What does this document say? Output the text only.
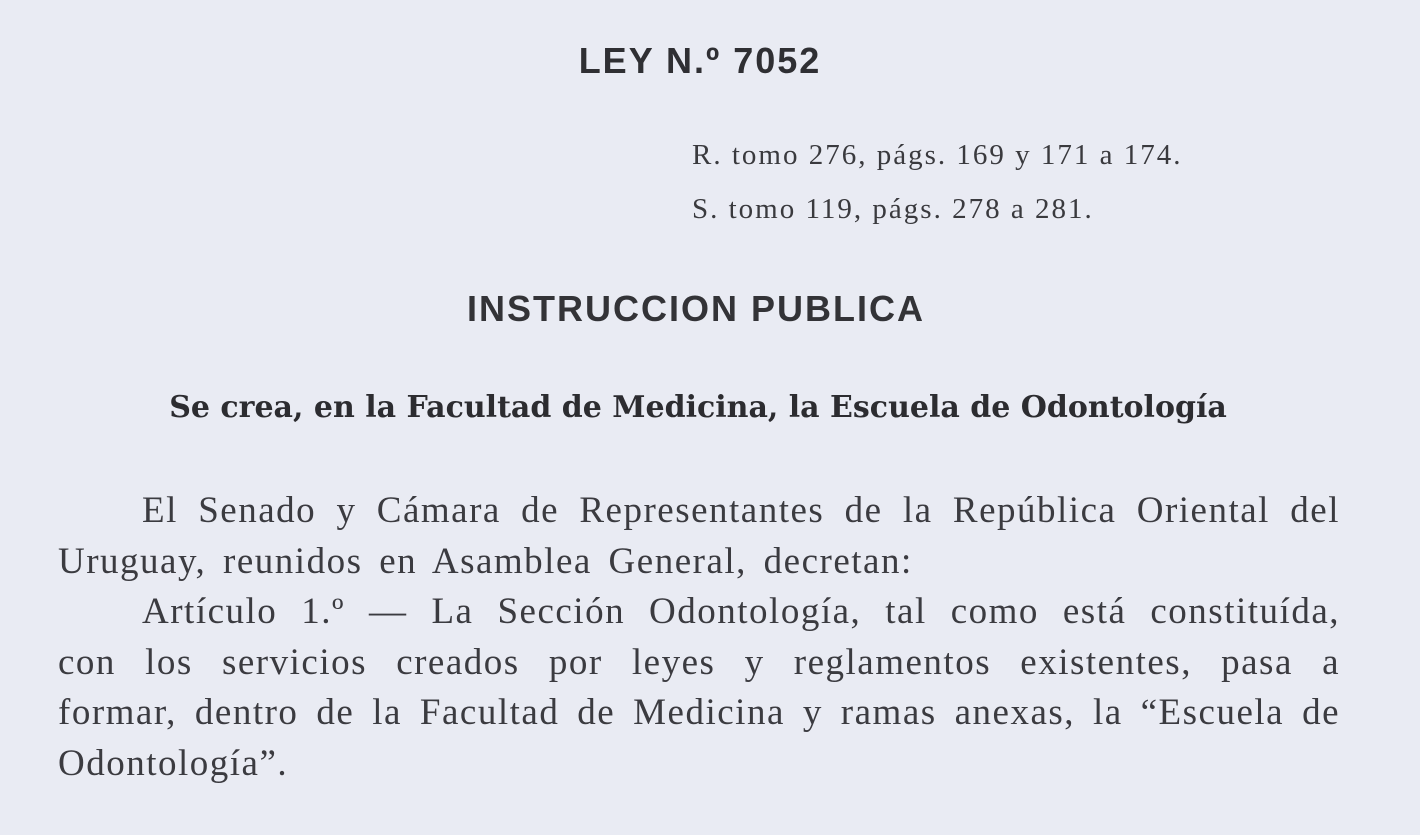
LEY N.º 7052
R. tomo 276, págs. 169 y 171 a 174.
S. tomo 119, págs. 278 a 281.
INSTRUCCION PUBLICA
Se crea, en la Facultad de Medicina, la Escuela de Odontología

El Senado y Cámara de Representantes de la República Oriental del Uruguay, reunidos en Asamblea General, decretan:

Artículo 1.º — La Sección Odontología, tal como está constituída, con los servicios creados por leyes y reglamentos existentes, pasa a formar, dentro de la Facultad de Medicina y ramas anexas, la “Escuela de Odontología”.
